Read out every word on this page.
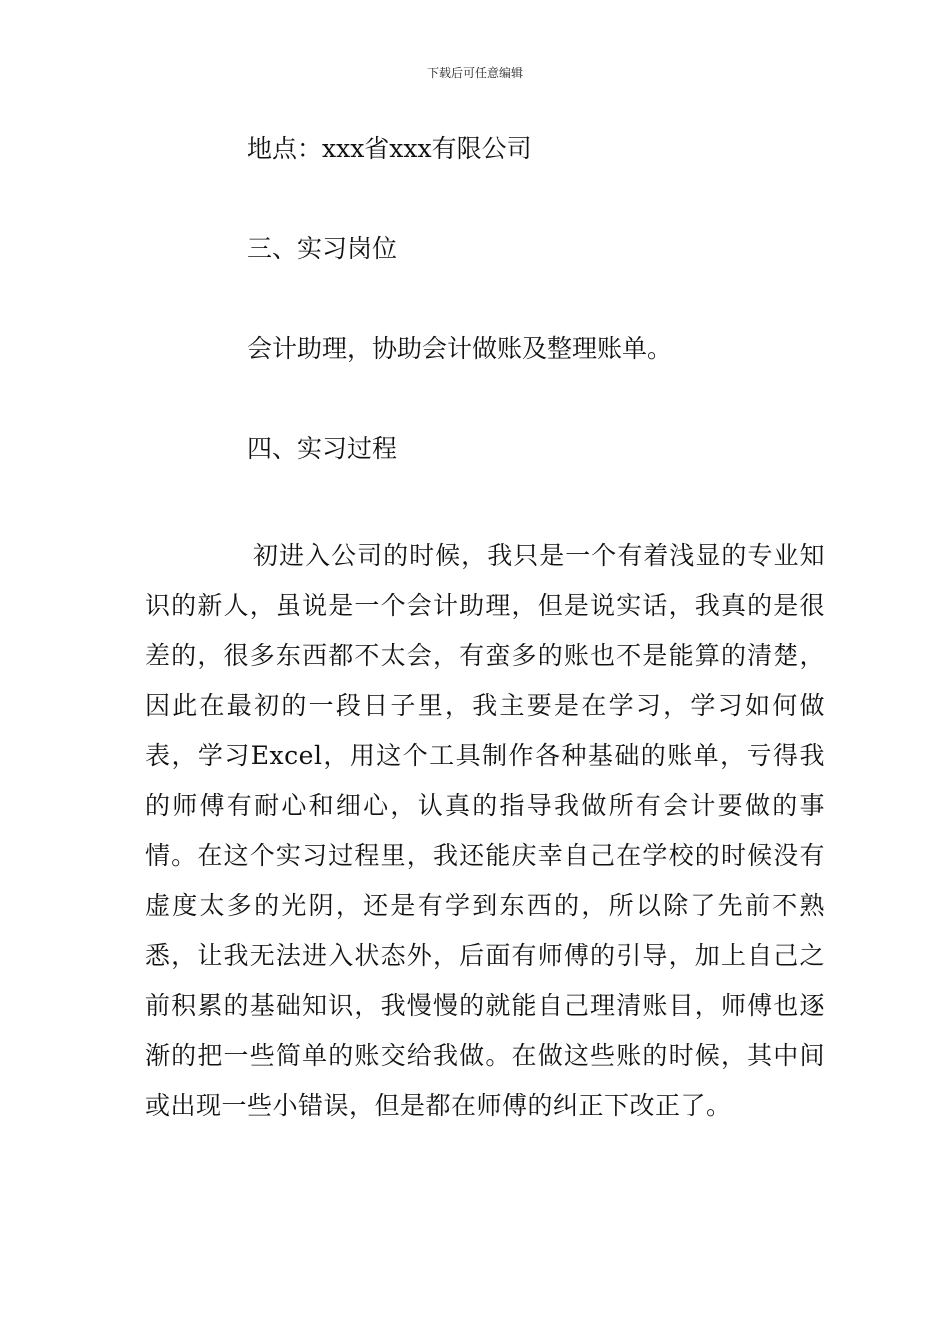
下载后可任意编辑
地点：xxx省xxx有限公司
三、实习岗位
会计助理，协助会计做账及整理账单。
四、实习过程
初进入公司的时候，我只是一个有着浅显的专业知识的新人，虽说是一个会计助理，但是说实话，我真的是很差的，很多东西都不太会，有蛮多的账也不是能算的清楚，因此在最初的一段日子里，我主要是在学习，学习如何做表，学习Excel，用这个工具制作各种基础的账单，亏得我的师傅有耐心和细心，认真的指导我做所有会计要做的事情。在这个实习过程里，我还能庆幸自己在学校的时候没有虚度太多的光阴，还是有学到东西的，所以除了先前不熟悉，让我无法进入状态外，后面有师傅的引导，加上自己之前积累的基础知识，我慢慢的就能自己理清账目，师傅也逐渐的把一些简单的账交给我做。在做这些账的时候，其中间或出现一些小错误，但是都在师傅的纠正下改正了。
